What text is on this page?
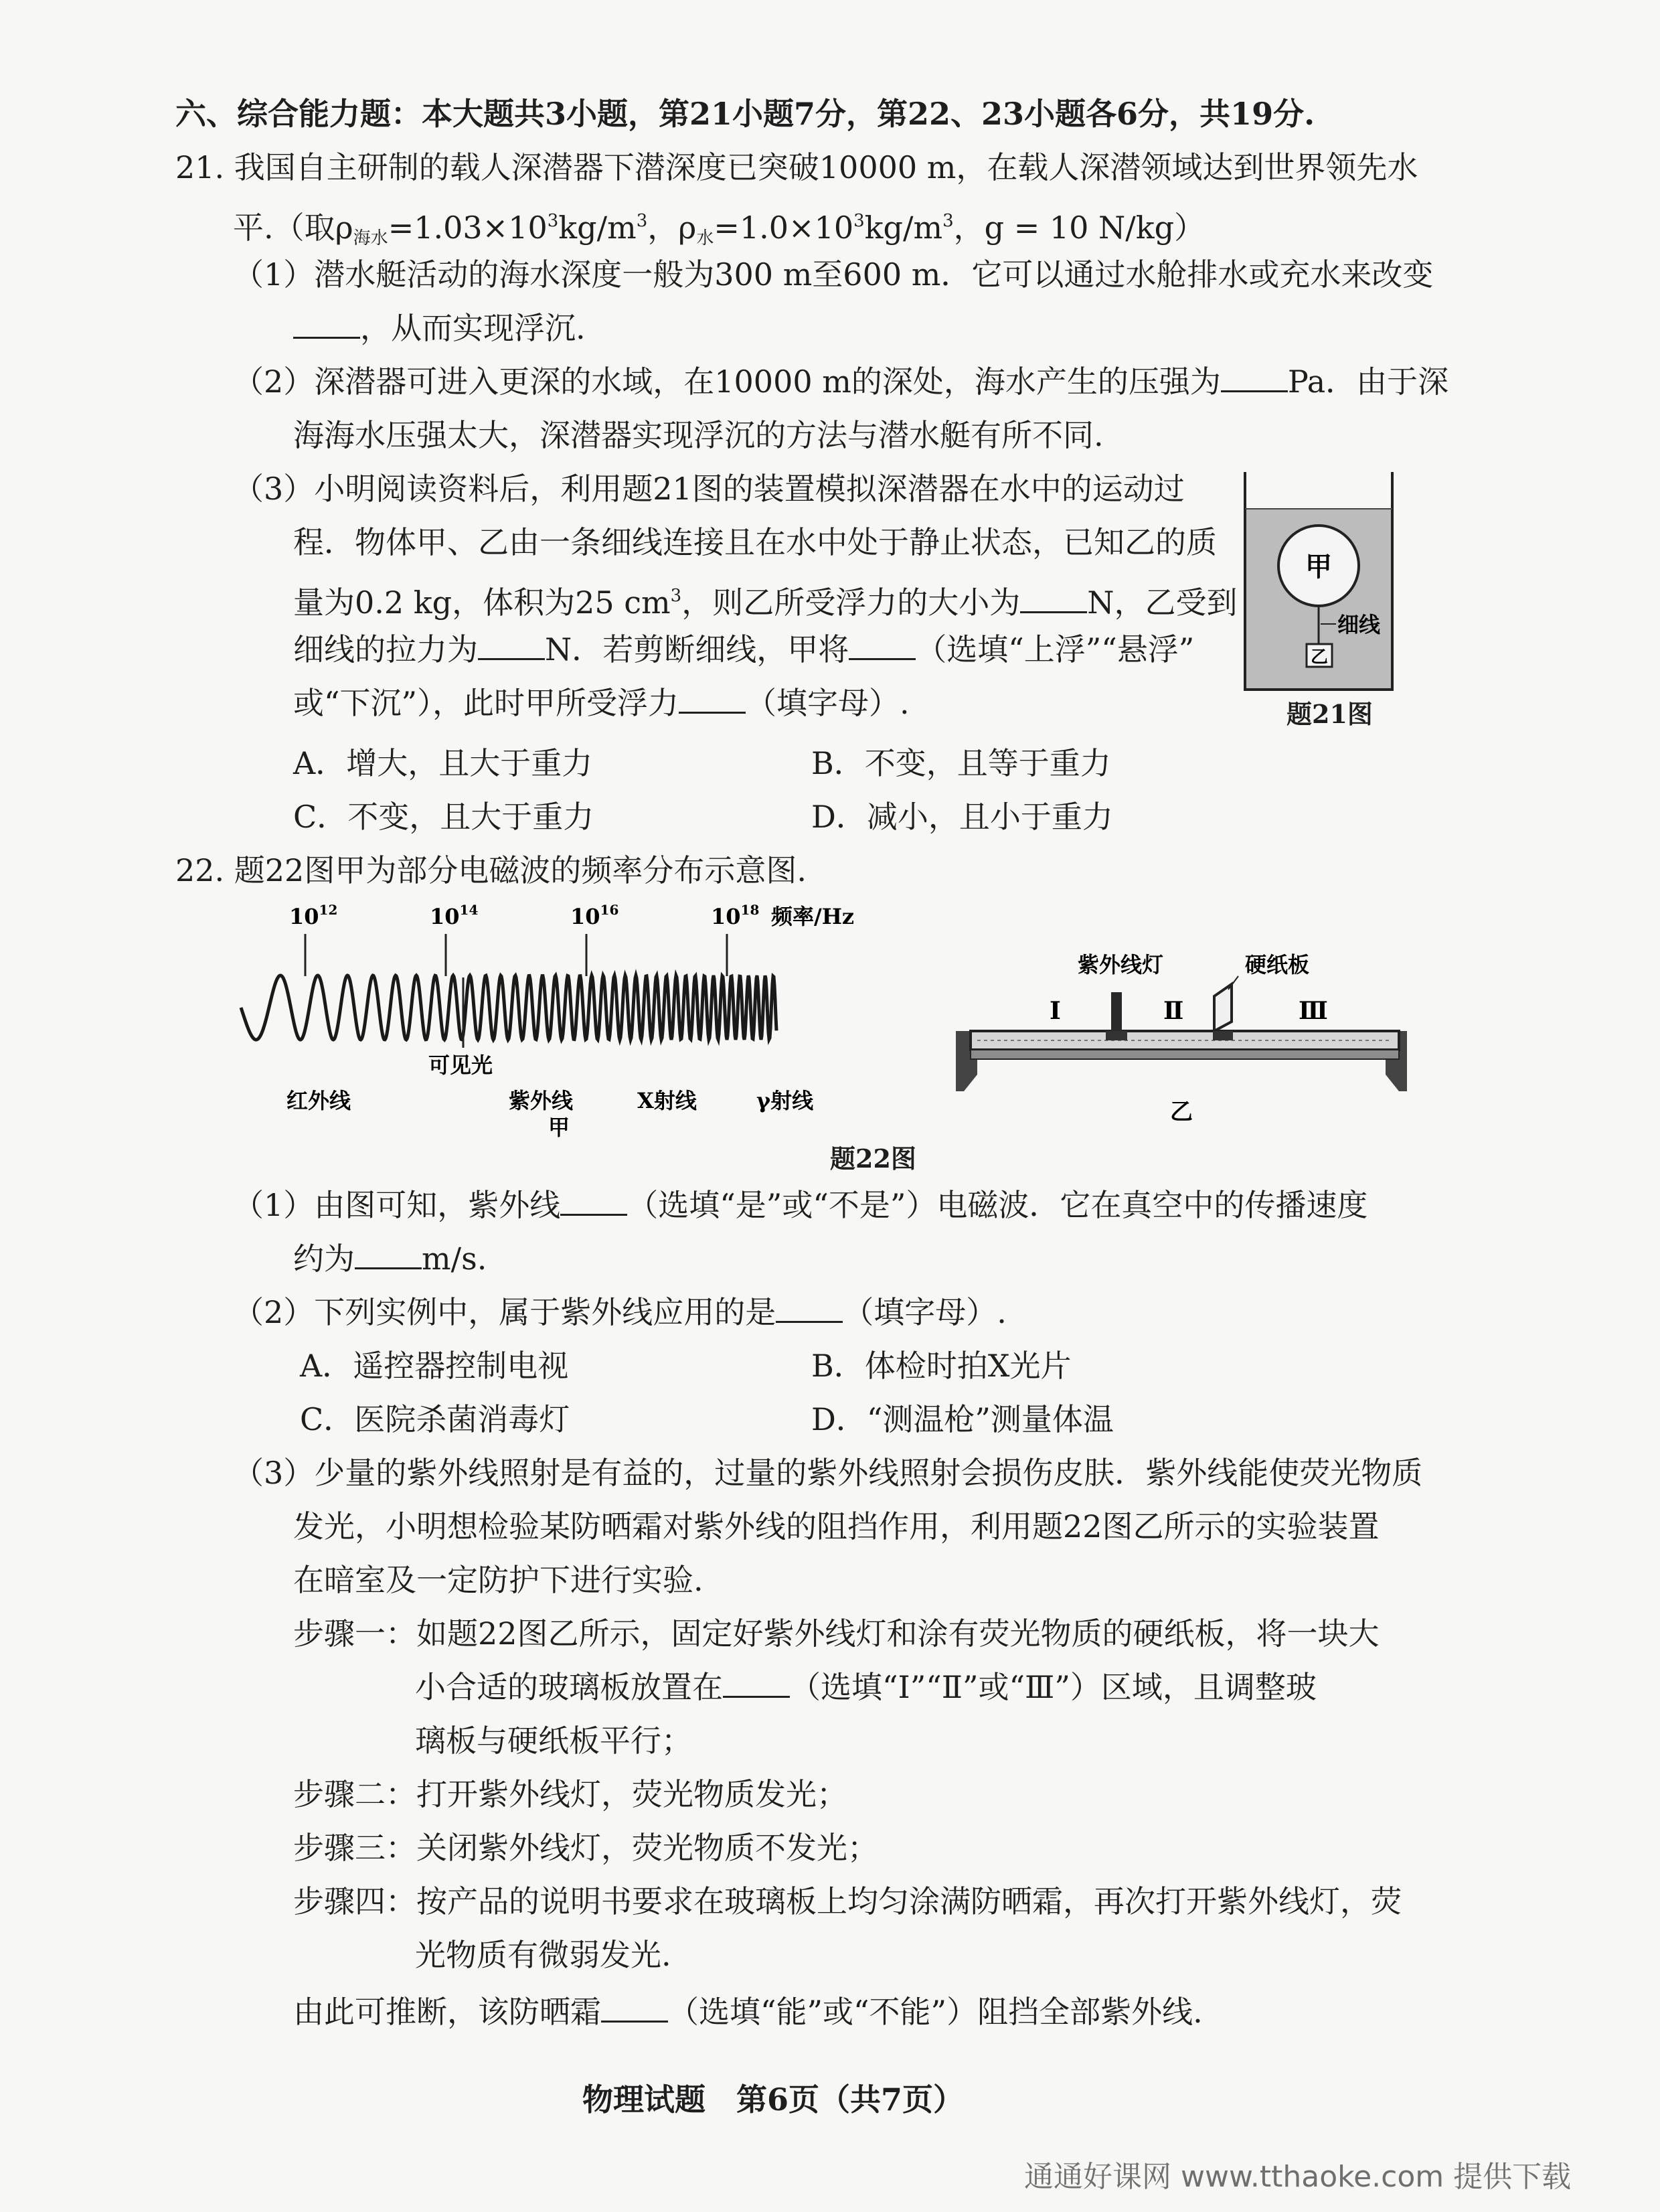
六、综合能力题：本大题共3小题，第21小题7分，第22、23小题各6分，共19分.
21. 我国自主研制的载人深潜器下潜深度已突破10000 m，在载人深潜领域达到世界领先水
平.（取$\rho_{海水}=1.03\times 10^3kg/m^3$，$\rho_水=1.0\times 10^3kg/m^3$，g = 10 N/kg）
（1）潜水艇活动的海水深度一般为300 m至600 m．它可以通过水舱排水或充水来改变
，从而实现浮沉.
（2）深潜器可进入更深的水域，在10000 m的深处，海水产生的压强为 Pa．由于深
海海水压强太大，深潜器实现浮沉的方法与潜水艇有所不同.
（3）小明阅读资料后，利用题21图的装置模拟深潜器在水中的运动过
程．物体甲、乙由一条细线连接且在水中处于静止状态，已知乙的质
量为0.2 kg，体积为25 $cm^3$，则乙所受浮力的大小为 N，乙受到
细线的拉力为 N．若剪断细线，甲将 （选填“上浮”“悬浮”
或“下沉”），此时甲所受浮力 （填字母）.
A．增大，且大于重力	B．不变，且等于重力
C．不变，且大于重力	D．减小，且小于重力
甲
乙
细线
题21图
22. 题22图甲为部分电磁波的频率分布示意图.
$10^{12}$	$10^{14}$	$10^{16}$	$10^{18}$ 频率/Hz
可见光
红外线	紫外线	X射线	γ射线
甲
紫外线灯	硬纸板
Ⅰ	Ⅱ	Ⅲ
乙
题22图
（1）由图可知，紫外线 （选填“是”或“不是”）电磁波．它在真空中的传播速度
约为 m/s.
（2）下列实例中，属于紫外线应用的是 （填字母）.
A．遥控器控制电视	B．体检时拍X光片
C．医院杀菌消毒灯	D．“测温枪”测量体温
（3）少量的紫外线照射是有益的，过量的紫外线照射会损伤皮肤．紫外线能使荧光物质
发光，小明想检验某防晒霜对紫外线的阻挡作用，利用题22图乙所示的实验装置
在暗室及一定防护下进行实验.
步骤一：如题22图乙所示，固定好紫外线灯和涂有荧光物质的硬纸板，将一块大
小合适的玻璃板放置在 （选填“Ⅰ”“Ⅱ”或“Ⅲ”）区域，且调整玻
璃板与硬纸板平行；
步骤二：打开紫外线灯，荧光物质发光；
步骤三：关闭紫外线灯，荧光物质不发光；
步骤四：按产品的说明书要求在玻璃板上均匀涂满防晒霜，再次打开紫外线灯，荧
光物质有微弱发光.
由此可推断，该防晒霜 （选填“能”或“不能”）阻挡全部紫外线.
物理试题　第6页（共7页）
通通好课网 www.tthaoke.com 提供下载
